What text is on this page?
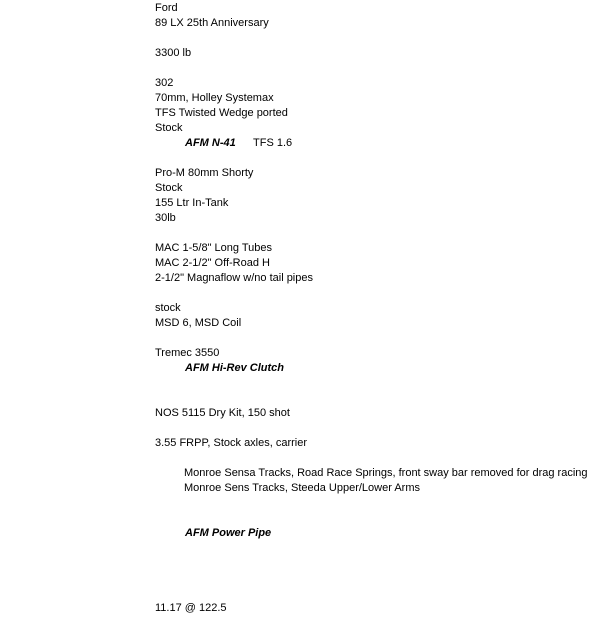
Ford
89 LX 25th Anniversary
3300 lb
302
70mm, Holley Systemax
TFS Twisted Wedge ported
Stock
AFM N-41 TFS 1.6
Pro-M 80mm Shorty
Stock
155 Ltr In-Tank
30lb
MAC 1-5/8" Long Tubes
MAC 2-1/2" Off-Road H
2-1/2" Magnaflow w/no tail pipes
stock
MSD 6, MSD Coil
Tremec 3550
AFM Hi-Rev Clutch
NOS 5115 Dry Kit, 150 shot
3.55 FRPP, Stock axles, carrier
Monroe Sensa Tracks, Road Race Springs, front sway bar removed for drag racing
Monroe Sens Tracks, Steeda Upper/Lower Arms
AFM Power Pipe
11.17 @ 122.5
